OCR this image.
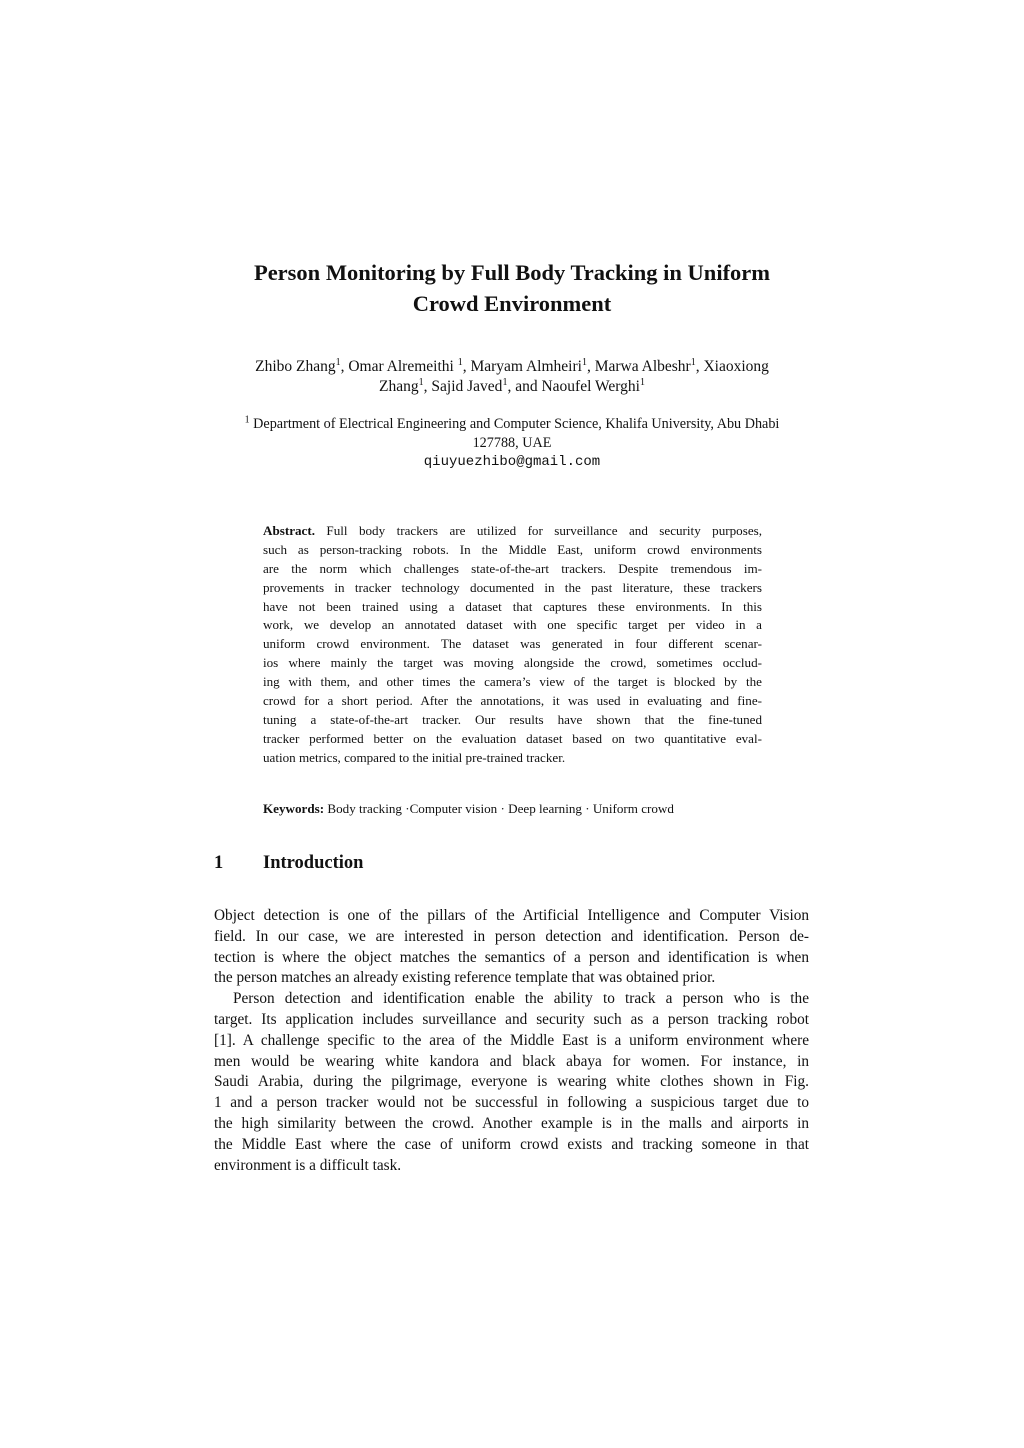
Person Monitoring by Full Body Tracking in Uniform
Crowd Environment
Zhibo Zhang$^1$, Omar Alremeithi $^1$, Maryam Almheiri$^1$, Marwa Albeshr$^1$, Xiaoxiong
Zhang$^1$, Sajid Javed$^1$, and Naoufel Werghi$^1$
$^1$ Department of Electrical Engineering and Computer Science, Khalifa University, Abu Dhabi
127788, UAE
qiuyuezhibo@gmail.com
Abstract. Full body trackers are utilized for surveillance and security purposes,
such as person-tracking robots. In the Middle East, uniform crowd environments
are the norm which challenges state-of-the-art trackers. Despite tremendous im-
provements in tracker technology documented in the past literature, these trackers
have not been trained using a dataset that captures these environments. In this
work, we develop an annotated dataset with one specific target per video in a
uniform crowd environment. The dataset was generated in four different scenar-
ios where mainly the target was moving alongside the crowd, sometimes occlud-
ing with them, and other times the camera’s view of the target is blocked by the
crowd for a short period. After the annotations, it was used in evaluating and fine-
tuning a state-of-the-art tracker. Our results have shown that the fine-tuned
tracker performed better on the evaluation dataset based on two quantitative eval-
uation metrics, compared to the initial pre-trained tracker.
Keywords: Body tracking ·Computer vision · Deep learning · Uniform crowd
1 Introduction
Object detection is one of the pillars of the Artificial Intelligence and Computer Vision
field. In our case, we are interested in person detection and identification. Person de-
tection is where the object matches the semantics of a person and identification is when
the person matches an already existing reference template that was obtained prior.
Person detection and identification enable the ability to track a person who is the
target. Its application includes surveillance and security such as a person tracking robot
[1]. A challenge specific to the area of the Middle East is a uniform environment where
men would be wearing white kandora and black abaya for women. For instance, in
Saudi Arabia, during the pilgrimage, everyone is wearing white clothes shown in Fig.
1 and a person tracker would not be successful in following a suspicious target due to
the high similarity between the crowd. Another example is in the malls and airports in
the Middle East where the case of uniform crowd exists and tracking someone in that
environment is a difficult task.
